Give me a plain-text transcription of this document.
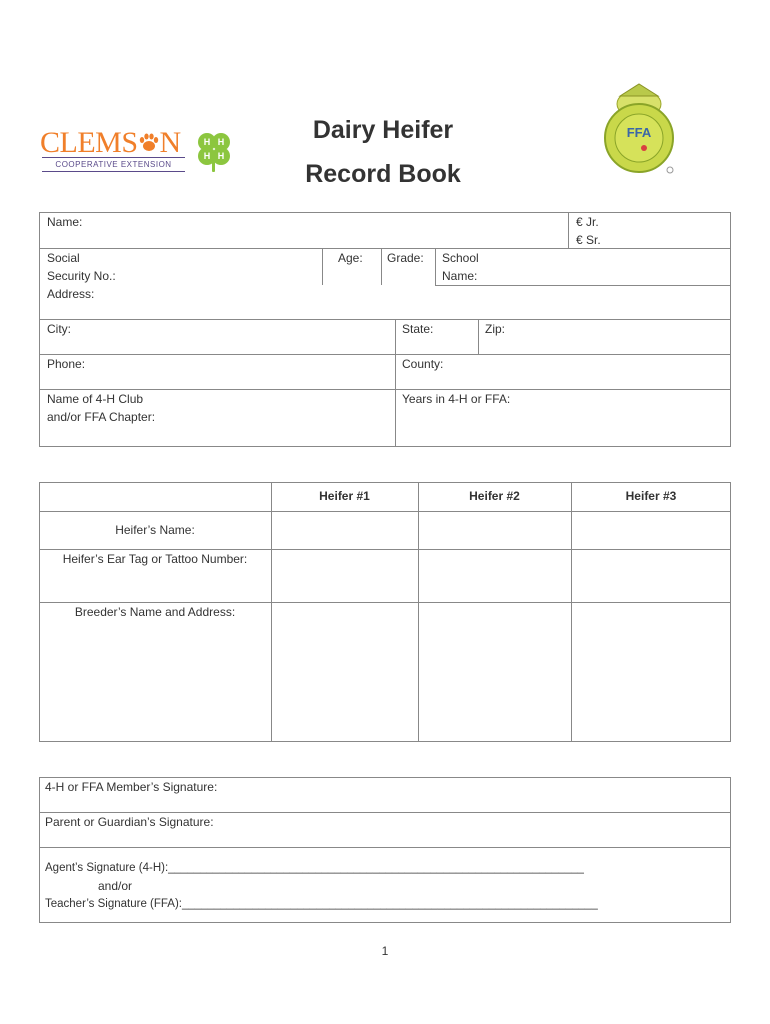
CLEMS N
COOPERATIVE EXTENSION
H H
H H
FFA
Dairy Heifer
Record Book
Name:	€ Jr.
€ Sr.
Social
Security No.:
Age: Grade: School
Name:
Address:
City:	State:	Zip:
Phone:	County:
Name of 4-H Club
and/or FFA Chapter:
Years in 4-H or FFA:
Heifer #1	Heifer #2	Heifer #3
Heifer’s Name:
Heifer’s Ear Tag or Tattoo Number:
Breeder’s Name and Address:
4-H or FFA Member’s Signature:
Parent or Guardian’s Signature:
Agent’s Signature (4-H):_________________________________________________________________
and/or
Teacher’s Signature (FFA):_________________________________________________________________
1
